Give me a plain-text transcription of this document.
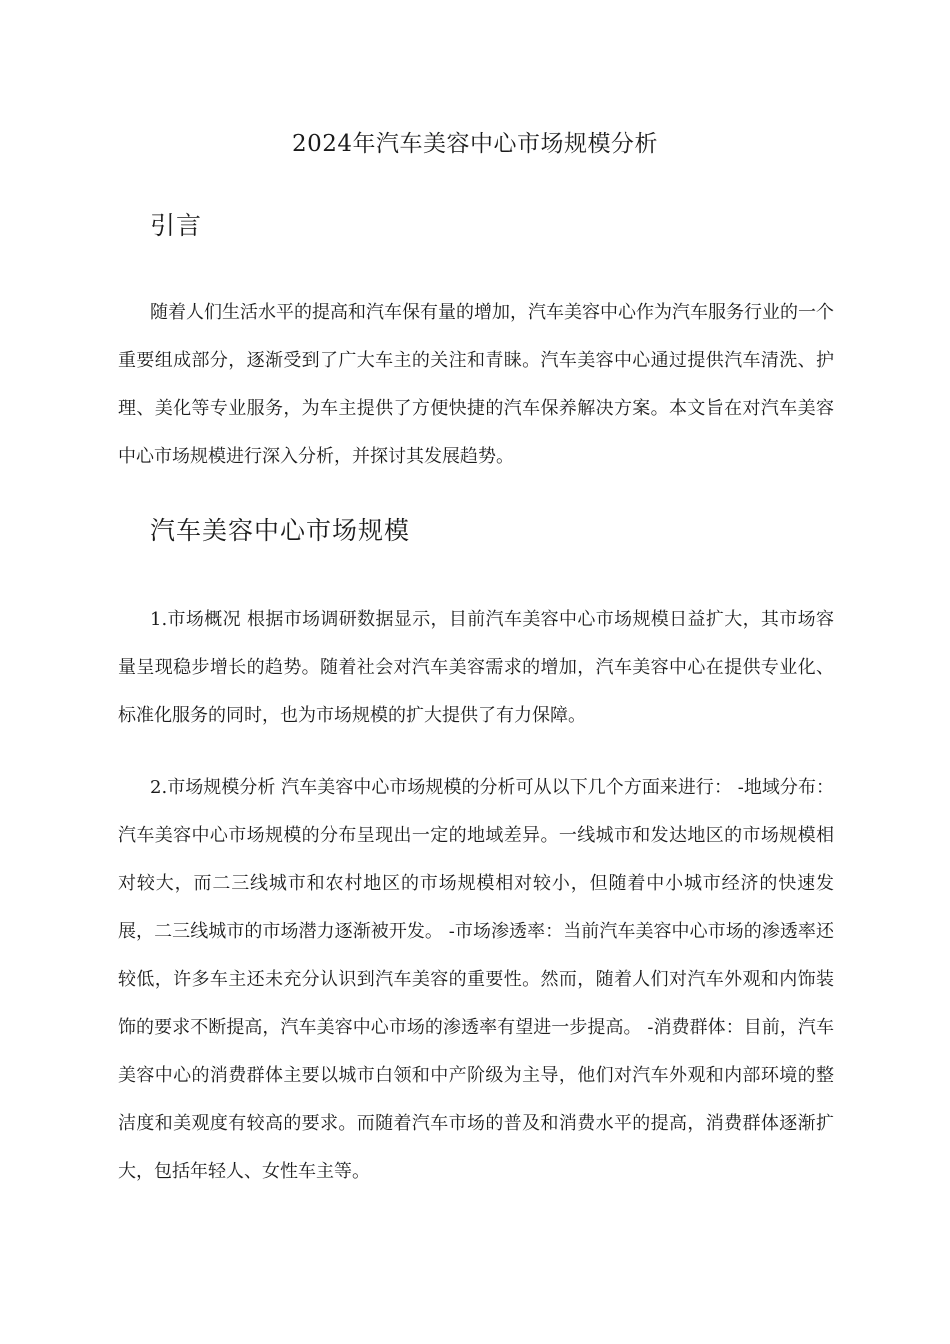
2024年汽车美容中心市场规模分析
引言

随着人们生活水平的提高和汽车保有量的增加，汽车美容中心作为汽车服务行业的一个重要组成部分，逐渐受到了广大车主的关注和青睐。汽车美容中心通过提供汽车清洗、护理、美化等专业服务，为车主提供了方便快捷的汽车保养解决方案。本文旨在对汽车美容中心市场规模进行深入分析，并探讨其发展趋势。

汽车美容中心市场规模

1.市场概况 根据市场调研数据显示，目前汽车美容中心市场规模日益扩大，其市场容量呈现稳步增长的趋势。随着社会对汽车美容需求的增加，汽车美容中心在提供专业化、标准化服务的同时，也为市场规模的扩大提供了有力保障。

2.市场规模分析 汽车美容中心市场规模的分析可从以下几个方面来进行： -地域分布：汽车美容中心市场规模的分布呈现出一定的地域差异。一线城市和发达地区的市场规模相对较大，而二三线城市和农村地区的市场规模相对较小，但随着中小城市经济的快速发展，二三线城市的市场潜力逐渐被开发。 -市场渗透率：当前汽车美容中心市场的渗透率还较低，许多车主还未充分认识到汽车美容的重要性。然而，随着人们对汽车外观和内饰装饰的要求不断提高，汽车美容中心市场的渗透率有望进一步提高。 -消费群体：目前，汽车美容中心的消费群体主要以城市白领和中产阶级为主导，他们对汽车外观和内部环境的整洁度和美观度有较高的要求。而随着汽车市场的普及和消费水平的提高，消费群体逐渐扩大，包括年轻人、女性车主等。
